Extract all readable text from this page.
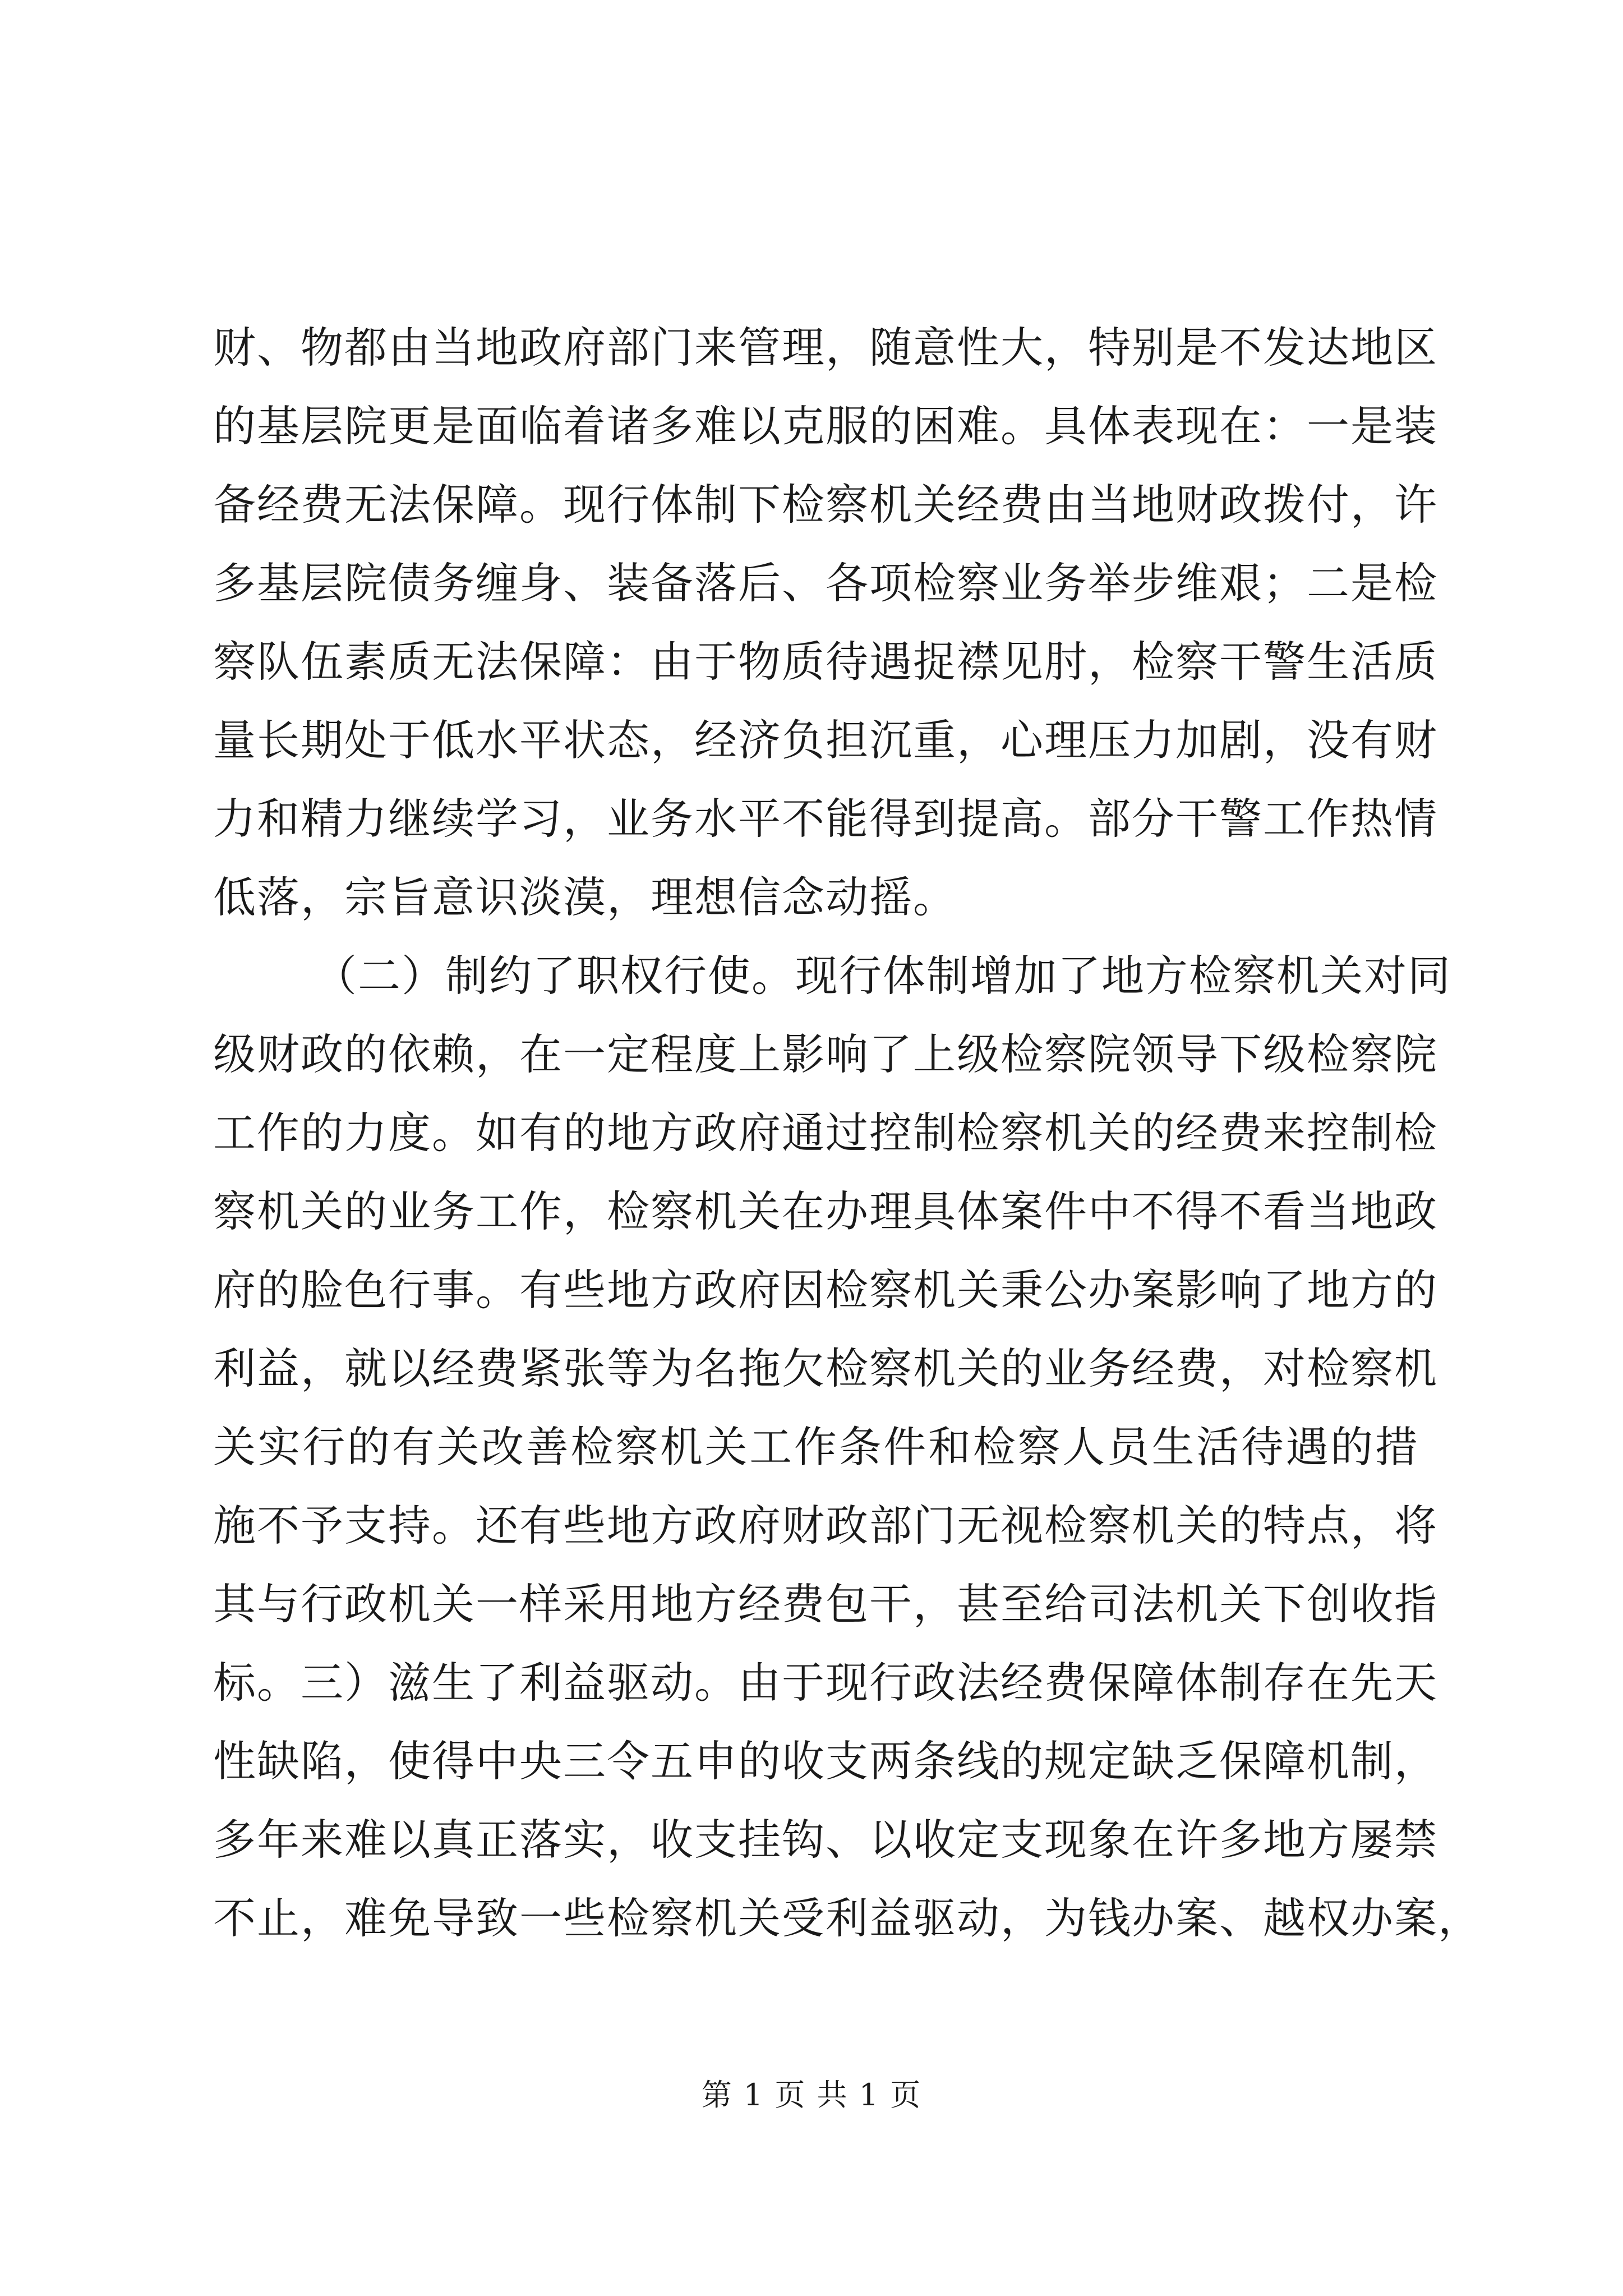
财、物都由当地政府部门来管理，随意性大，特别是不发达地区
的基层院更是面临着诸多难以克服的困难。具体表现在：一是装
备经费无法保障。现行体制下检察机关经费由当地财政拨付，许
多基层院债务缠身、装备落后、各项检察业务举步维艰；二是检
察队伍素质无法保障：由于物质待遇捉襟见肘，检察干警生活质
量长期处于低水平状态，经济负担沉重，心理压力加剧，没有财
力和精力继续学习，业务水平不能得到提高。部分干警工作热情
低落，宗旨意识淡漠，理想信念动摇。
（二）制约了职权行使。现行体制增加了地方检察机关对同
级财政的依赖，在一定程度上影响了上级检察院领导下级检察院
工作的力度。如有的地方政府通过控制检察机关的经费来控制检
察机关的业务工作，检察机关在办理具体案件中不得不看当地政
府的脸色行事。有些地方政府因检察机关秉公办案影响了地方的
利益，就以经费紧张等为名拖欠检察机关的业务经费，对检察机
关实行的有关改善检察机关工作条件和检察人员生活待遇的措
施不予支持。还有些地方政府财政部门无视检察机关的特点，将
其与行政机关一样采用地方经费包干，甚至给司法机关下创收指
标。三）滋生了利益驱动。由于现行政法经费保障体制存在先天
性缺陷，使得中央三令五申的收支两条线的规定缺乏保障机制，
多年来难以真正落实，收支挂钩、以收定支现象在许多地方屡禁
不止，难免导致一些检察机关受利益驱动，为钱办案、越权办案，
第 1 页 共 1 页
